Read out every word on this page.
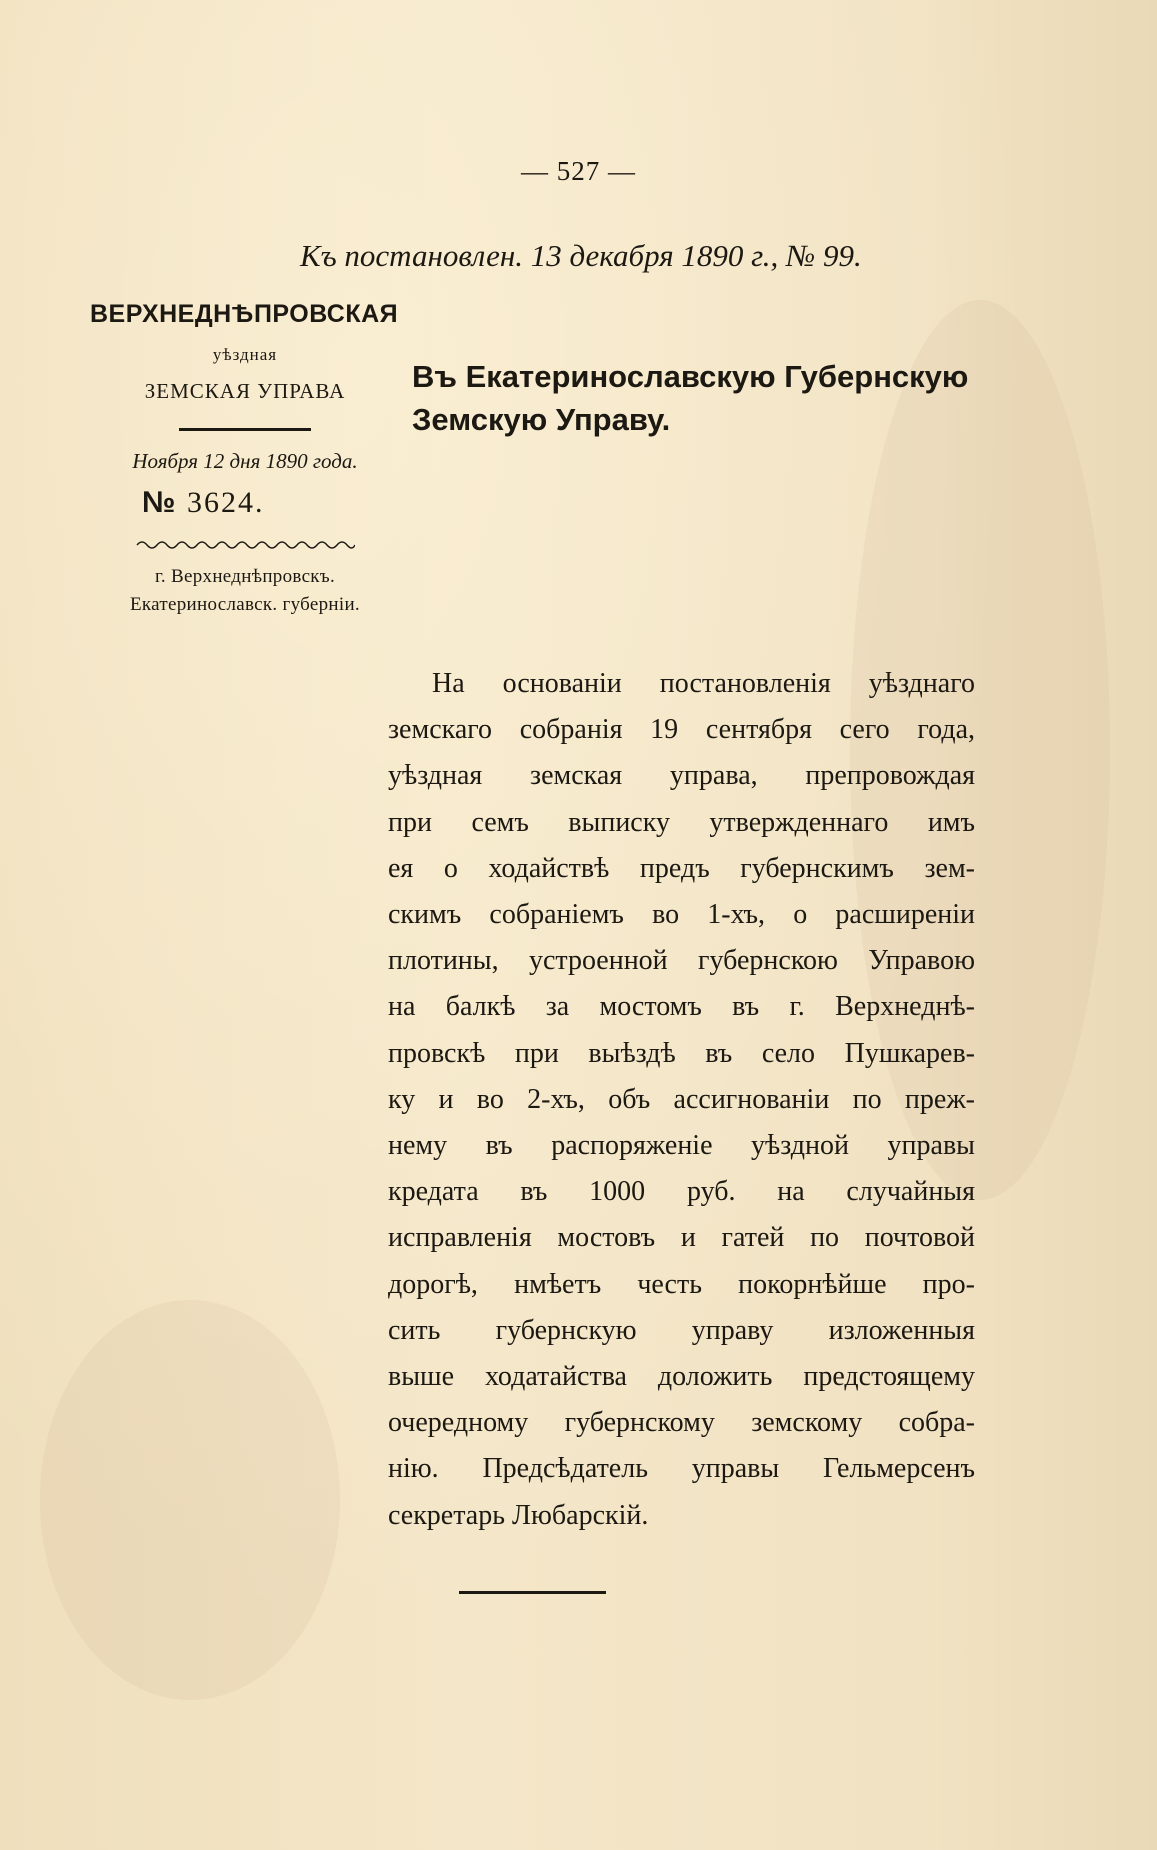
— 527 —
Къ постановлен. 13 декабря 1890 г., № 99.
ВЕРХНЕДНѢПРОВСКАЯ
уѣздная
ЗЕМСКАЯ УПРАВА
Ноября 12 дня 1890 года.
№ 3624.
г. Верхнеднѣпровскъ.
Екатеринославск. губерніи.
Въ Екатеринославскую Губернскую
Земскую Управу.
На основаніи постановленія уѣзднаго
земскаго собранія 19 сентября сего года,
уѣздная земская управа, препровождая
при семъ выписку утвержденнаго имъ
ея о ходайствѣ предъ губернскимъ зем-
скимъ собраніемъ во 1-хъ, о расширеніи
плотины, устроенной губернскою Управою
на балкѣ за мостомъ въ г. Верхнеднѣ-
провскѣ при выѣздѣ въ село Пушкарев-
ку и во 2-хъ, объ ассигнованіи по преж-
нему въ распоряженіе уѣздной управы
кредата въ 1000 руб. на случайныя
исправленія мостовъ и гатей по почтовой
дорогѣ, нмѣетъ честь покорнѣйше про-
сить губернскую управу изложенныя
выше ходатайства доложить предстоящему
очередному губернскому земскому собра-
нію. Предсѣдатель управы Гельмерсенъ
секретарь Любарскій.
